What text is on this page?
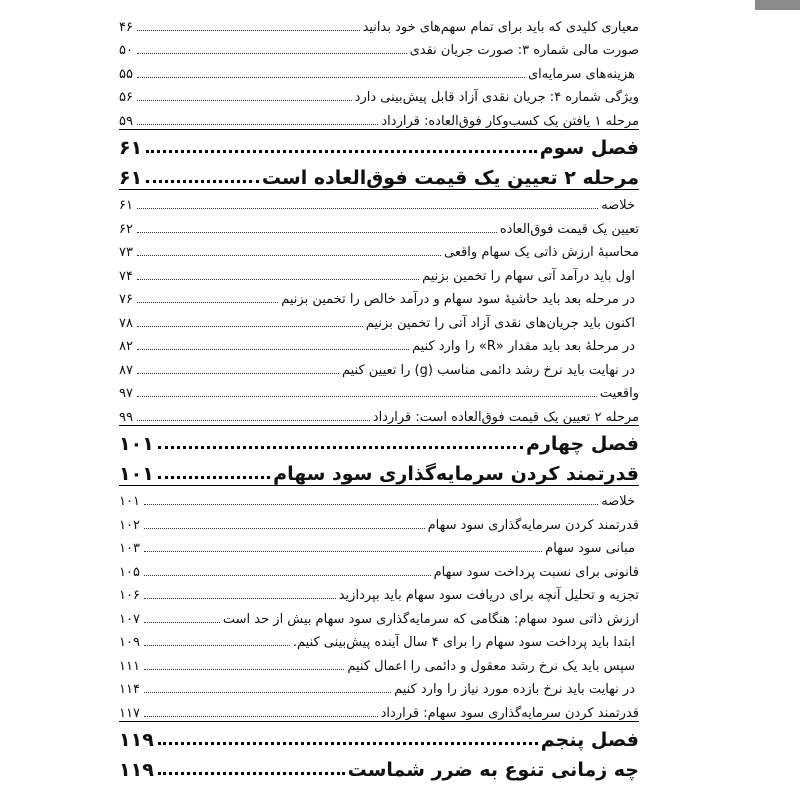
معیاری کلیدی که باید برای تمام سهم‌های خود بدانید
۴۶
صورت مالی شماره ۳: صورت جریان نقدی
۵۰
هزینه‌های سرمایه‌ای
۵۵
ویژگی شماره ۴: جریان نقدی آزاد قابل پیش‌بینی دارد
۵۶
مرحله ۱ یافتن یک کسب‌وکار فوق‌العاده: قرارداد
۵۹
فصل سوم
۶۱
مرحله ۲ تعیین یک قیمت فوق‌العاده است
۶۱
خلاصه
۶۱
تعیین یک قیمت فوق‌العاده
۶۲
محاسبهٔ ارزش ذاتی یک سهام واقعی
۷۳
اول باید درآمد آتی سهام را تخمین بزنیم
۷۴
در مرحله بعد باید حاشیهٔ سود سهام و درآمد خالص را تخمین بزنیم
۷۶
اکنون باید جریان‌های نقدی آزاد آتی را تخمین بزنیم
۷۸
در مرحلهٔ بعد باید مقدار «R» را وارد کنیم
۸۲
در نهایت باید نرخ رشد دائمی مناسب (g) را تعیین کنیم
۸۷
واقعیت
۹۷
مرحله ۲ تعیین یک قیمت فوق‌العاده است: قرارداد
۹۹
فصل چهارم
۱۰۱
قدرتمند کردن سرمایه‌گذاری سود سهام
۱۰۱
خلاصه
۱۰۱
قدرتمند کردن سرمایه‌گذاری سود سهام
۱۰۲
مبانی سود سهام
۱۰۳
قانونی برای نسبت پرداخت سود سهام
۱۰۵
تجزیه و تحلیل آنچه برای دریافت سود سهام باید بپردازید
۱۰۶
ارزش ذاتی سود سهام: هنگامی که سرمایه‌گذاری سود سهام بیش از حد است
۱۰۷
ابتدا باید پرداخت سود سهام را برای ۴ سال آینده پیش‌بینی کنیم.
۱۰۹
سپس باید یک نرخ رشد معقول و دائمی را اعمال کنیم
۱۱۱
در نهایت باید نرخ بازده مورد نیاز را وارد کنیم
۱۱۴
قدرتمند کردن سرمایه‌گذاری سود سهام: قرارداد
۱۱۷
فصل پنجم
۱۱۹
چه زمانی تنوع به ضرر شماست
۱۱۹
